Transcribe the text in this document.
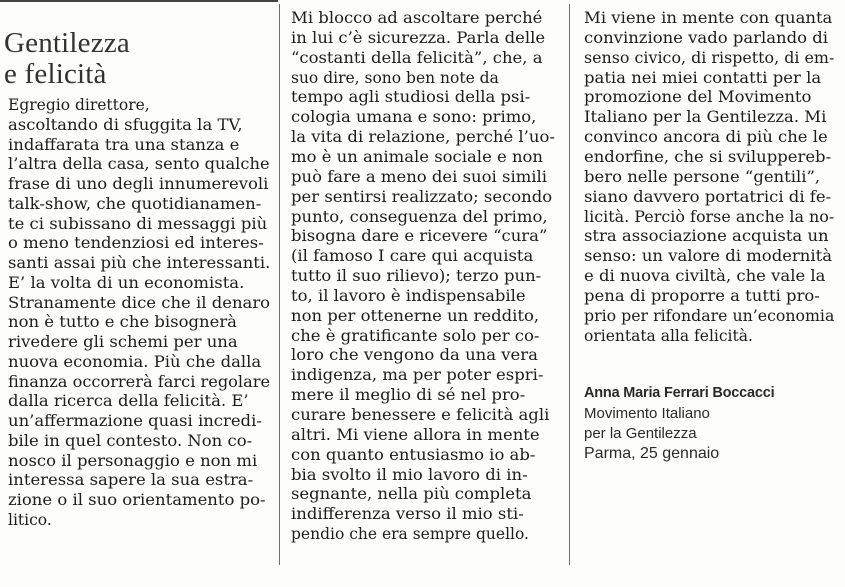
Gentilezza
e felicità
Egregio direttore,
ascoltando di sfuggita la TV,
indaffarata tra una stanza e
l’altra della casa, sento qualche
frase di uno degli innumerevoli
talk-show, che quotidianamen-
te ci subissano di messaggi più
o meno tendenziosi ed interes-
santi assai più che interessanti.
E’ la volta di un economista.
Stranamente dice che il denaro
non è tutto e che bisognerà
rivedere gli schemi per una
nuova economia. Più che dalla
finanza occorrerà farci regolare
dalla ricerca della felicità. E’
un’affermazione quasi incredi-
bile in quel contesto. Non co-
nosco il personaggio e non mi
interessa sapere la sua estra-
zione o il suo orientamento po-
litico.
Mi blocco ad ascoltare perché
in lui c’è sicurezza. Parla delle
“costanti della felicità”, che, a
suo dire, sono ben note da
tempo agli studiosi della psi-
cologia umana e sono: primo,
la vita di relazione, perché l’uo-
mo è un animale sociale e non
può fare a meno dei suoi simili
per sentirsi realizzato; secondo
punto, conseguenza del primo,
bisogna dare e ricevere “cura”
(il famoso I care qui acquista
tutto il suo rilievo); terzo pun-
to, il lavoro è indispensabile
non per ottenerne un reddito,
che è gratificante solo per co-
loro che vengono da una vera
indigenza, ma per poter espri-
mere il meglio di sé nel pro-
curare benessere e felicità agli
altri. Mi viene allora in mente
con quanto entusiasmo io ab-
bia svolto il mio lavoro di in-
segnante, nella più completa
indifferenza verso il mio sti-
pendio che era sempre quello.
Mi viene in mente con quanta
convinzione vado parlando di
senso civico, di rispetto, di em-
patia nei miei contatti per la
promozione del Movimento
Italiano per la Gentilezza. Mi
convinco ancora di più che le
endorfine, che si sviluppereb-
bero nelle persone “gentili”,
siano davvero portatrici di fe-
licità. Perciò forse anche la no-
stra associazione acquista un
senso: un valore di modernità
e di nuova civiltà, che vale la
pena di proporre a tutti pro-
prio per rifondare un’economia
orientata alla felicità.
Anna Maria Ferrari Boccacci
Movimento Italiano
per la Gentilezza
Parma, 25 gennaio
